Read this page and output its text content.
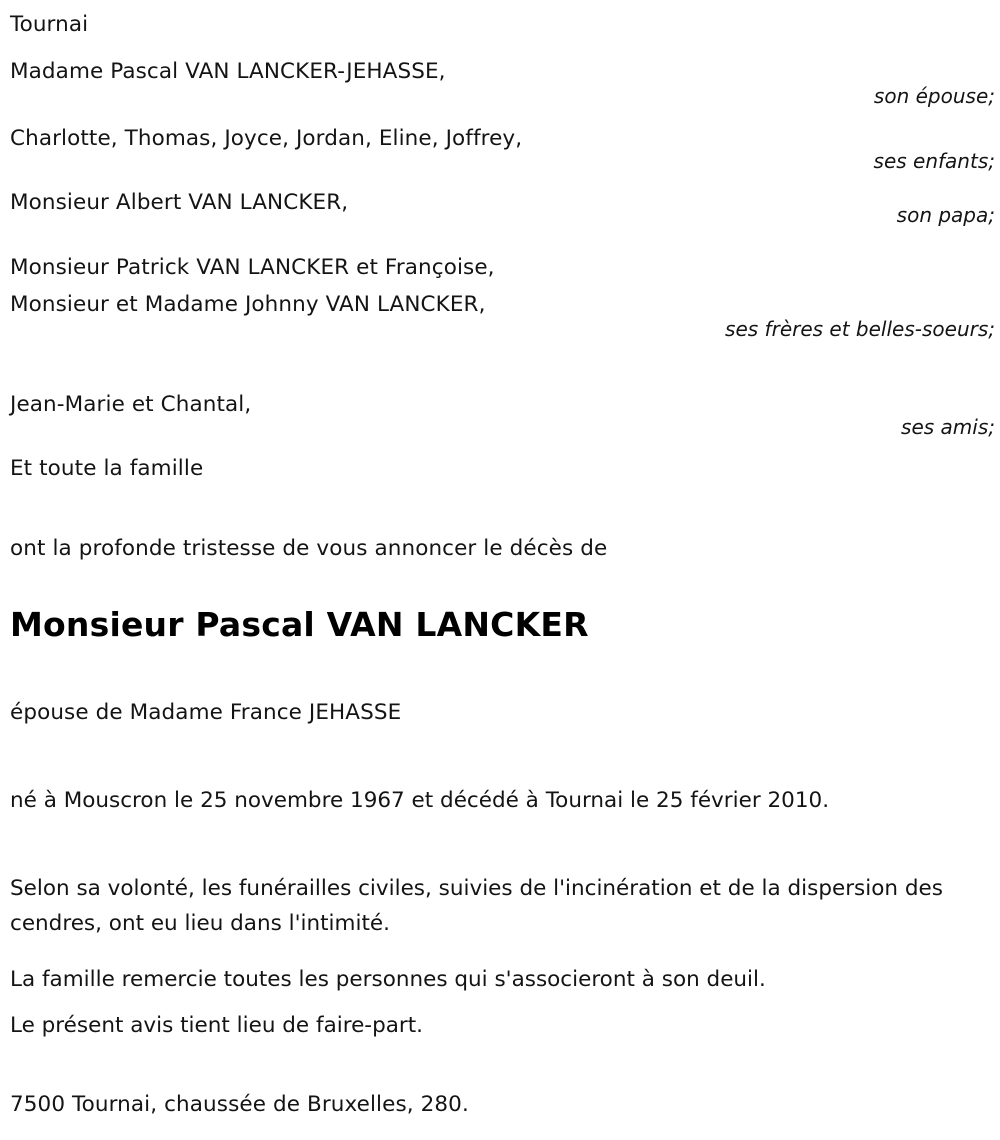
Tournai
Madame Pascal VAN LANCKER-JEHASSE,
son épouse;
Charlotte, Thomas, Joyce, Jordan, Eline, Joffrey,
ses enfants;
Monsieur Albert VAN LANCKER,	son papa;
Monsieur Patrick VAN LANCKER et Françoise,
Monsieur et Madame Johnny VAN LANCKER,
ses frères et belles-soeurs;
Jean-Marie et Chantal,
ses amis;
Et toute la famille
ont la profonde tristesse de vous annoncer le décès de
Monsieur Pascal VAN LANCKER
épouse de Madame France JEHASSE
né à Mouscron le 25 novembre 1967 et décédé à Tournai le 25 février 2010.
Selon sa volonté, les funérailles civiles, suivies de l'incinération et de la dispersion des cendres, ont eu lieu dans l'intimité.
La famille remercie toutes les personnes qui s'associeront à son deuil.
Le présent avis tient lieu de faire-part.
7500 Tournai, chaussée de Bruxelles, 280.
